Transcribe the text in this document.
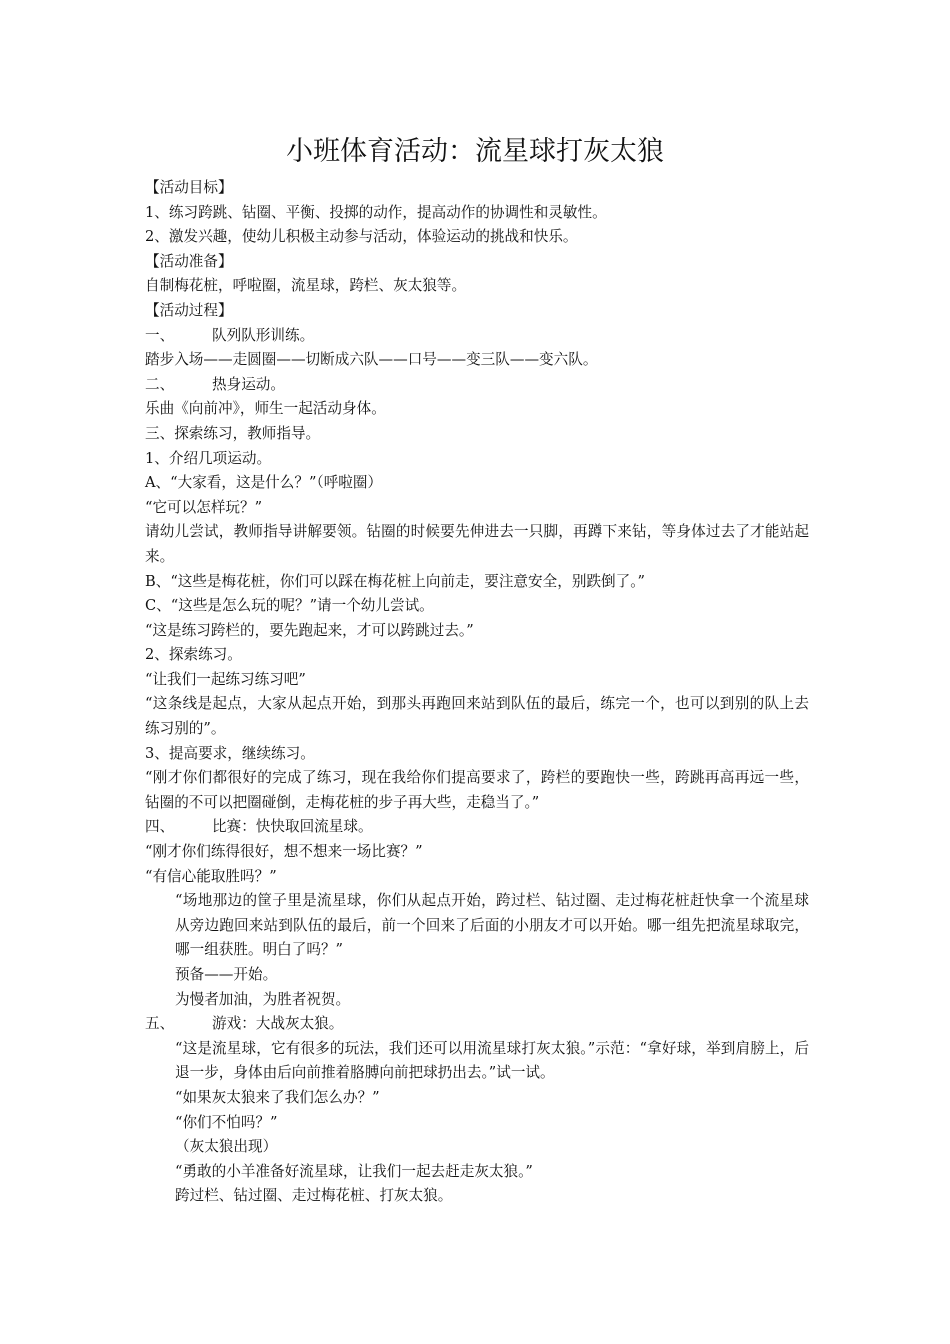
小班体育活动：流星球打灰太狼

【活动目标】

1、练习跨跳、钻圈、平衡、投掷的动作，提高动作的协调性和灵敏性。

2、激发兴趣，使幼儿积极主动参与活动，体验运动的挑战和快乐。

【活动准备】

自制梅花桩，呼啦圈，流星球，跨栏、灰太狼等。

【活动过程】

一、	队列队形训练。

踏步入场——走圆圈——切断成六队——口号——变三队——变六队。

二、	热身运动。

乐曲《向前冲》，师生一起活动身体。

三、探索练习，教师指导。

1、介绍几项运动。

A、“大家看，这是什么？”（呼啦圈）

“它可以怎样玩？”

请幼儿尝试，教师指导讲解要领。钻圈的时候要先伸进去一只脚，再蹲下来钻，等身体过去了才能站起来。

B、“这些是梅花桩，你们可以踩在梅花桩上向前走，要注意安全，别跌倒了。”

C、“这些是怎么玩的呢？”请一个幼儿尝试。

“这是练习跨栏的，要先跑起来，才可以跨跳过去。”

2、探索练习。

“让我们一起练习练习吧”

“这条线是起点，大家从起点开始，到那头再跑回来站到队伍的最后，练完一个，也可以到别的队上去练习别的”。

3、提高要求，继续练习。

“刚才你们都很好的完成了练习，现在我给你们提高要求了，跨栏的要跑快一些，跨跳再高再远一些，钻圈的不可以把圈碰倒，走梅花桩的步子再大些，走稳当了。”

四、	比赛：快快取回流星球。

“刚才你们练得很好，想不想来一场比赛？”

“有信心能取胜吗？”

“场地那边的筐子里是流星球，你们从起点开始，跨过栏、钻过圈、走过梅花桩赶快拿一个流星球从旁边跑回来站到队伍的最后，前一个回来了后面的小朋友才可以开始。哪一组先把流星球取完，哪一组获胜。明白了吗？”

预备——开始。

为慢者加油，为胜者祝贺。

五、	游戏：大战灰太狼。

“这是流星球，它有很多的玩法，我们还可以用流星球打灰太狼。”示范：“拿好球，举到肩膀上，后退一步，身体由后向前推着胳膊向前把球扔出去。”试一试。

“如果灰太狼来了我们怎么办？”

“你们不怕吗？”

（灰太狼出现）

“勇敢的小羊准备好流星球，让我们一起去赶走灰太狼。”

跨过栏、钻过圈、走过梅花桩、打灰太狼。
